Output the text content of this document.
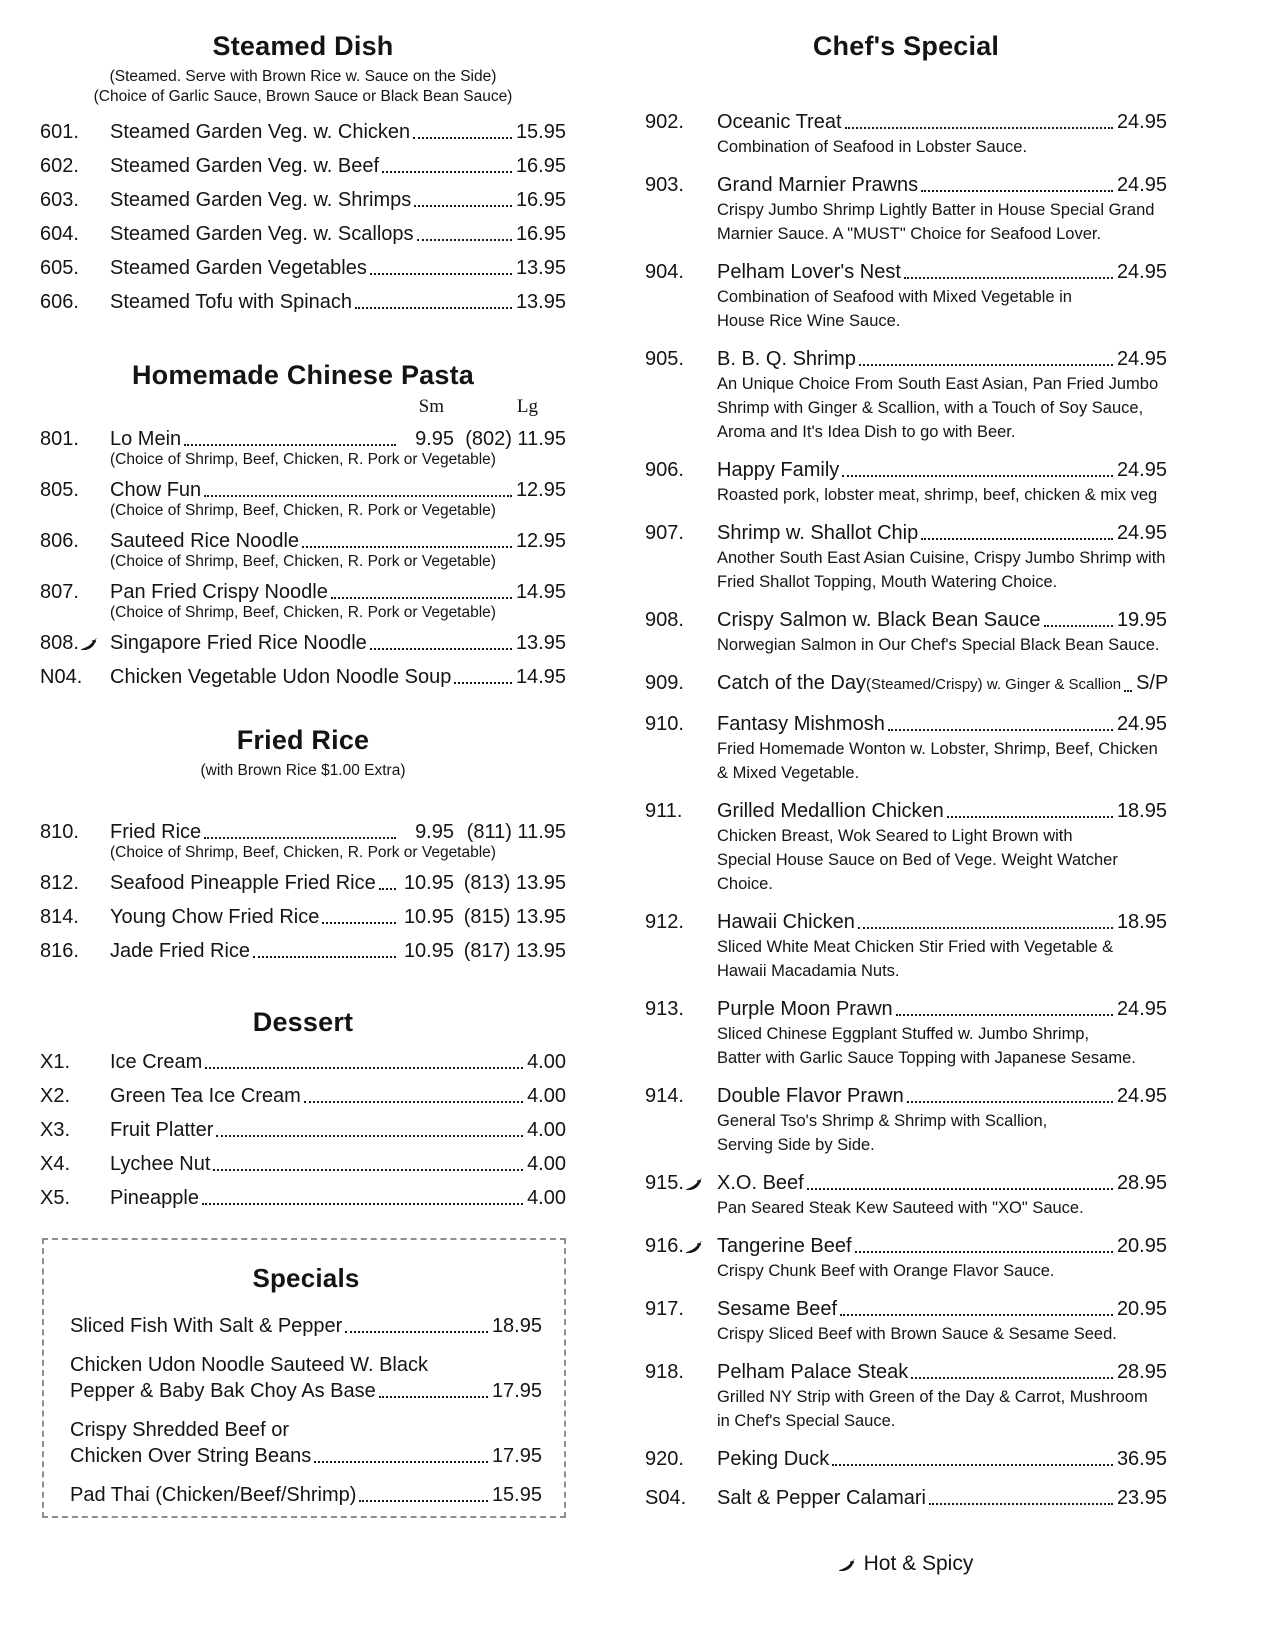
Steamed Dish
(Steamed. Serve with Brown Rice w. Sauce on the Side)
(Choice of Garlic Sauce, Brown Sauce or Black Bean Sauce)
601.	Steamed Garden Veg. w. Chicken	15.95
602.	Steamed Garden Veg. w. Beef	16.95
603.	Steamed Garden Veg. w. Shrimps	16.95
604.	Steamed Garden Veg. w. Scallops	16.95
605.	Steamed Garden Vegetables	13.95
606.	Steamed Tofu with Spinach	13.95
Homemade Chinese Pasta
Sm	Lg
801.	Lo Mein	9.95 (802) 11.95
(Choice of Shrimp, Beef, Chicken, R. Pork or Vegetable)
805.	Chow Fun	12.95
(Choice of Shrimp, Beef, Chicken, R. Pork or Vegetable)
806.	Sauteed Rice Noodle	12.95
(Choice of Shrimp, Beef, Chicken, R. Pork or Vegetable)
807.	Pan Fried Crispy Noodle	14.95
(Choice of Shrimp, Beef, Chicken, R. Pork or Vegetable)
808.	Singapore Fried Rice Noodle	13.95
N04.	Chicken Vegetable Udon Noodle Soup	14.95
Fried Rice
(with Brown Rice $1.00 Extra)
810.	Fried Rice	9.95 (811) 11.95
(Choice of Shrimp, Beef, Chicken, R. Pork or Vegetable)
812.	Seafood Pineapple Fried Rice 10.95 (813) 13.95
814.	Young Chow Fried Rice	10.95 (815) 13.95
816.	Jade Fried Rice	10.95 (817) 13.95
Dessert
X1.	Ice Cream	4.00
X2.	Green Tea Ice Cream	4.00
X3.	Fruit Platter	4.00
X4.	Lychee Nut	4.00
X5.	Pineapple	4.00
Chef's Special
902.	Oceanic Treat	24.95
Combination of Seafood in Lobster Sauce.
903.	Grand Marnier Prawns	24.95
Crispy Jumbo Shrimp Lightly Batter in House Special Grand
Marnier Sauce. A "MUST" Choice for Seafood Lover.
904.	Pelham Lover's Nest	24.95
Combination of Seafood with Mixed Vegetable in
House Rice Wine Sauce.
905.	B. B. Q. Shrimp	24.95
An Unique Choice From South East Asian, Pan Fried Jumbo
Shrimp with Ginger & Scallion, with a Touch of Soy Sauce,
Aroma and It's Idea Dish to go with Beer.
906.	Happy Family	24.95
Roasted pork, lobster meat, shrimp, beef, chicken & mix veg
907.	Shrimp w. Shallot Chip	24.95
Another South East Asian Cuisine, Crispy Jumbo Shrimp with
Fried Shallot Topping, Mouth Watering Choice.
908.	Crispy Salmon w. Black Bean Sauce	19.95
Norwegian Salmon in Our Chef's Special Black Bean Sauce.
909.	Catch of the Day (Steamed/Crispy) w. Ginger & Scallion S/P
910.	Fantasy Mishmosh	24.95
Fried Homemade Wonton w. Lobster, Shrimp, Beef, Chicken
& Mixed Vegetable.
911.	Grilled Medallion Chicken	18.95
Chicken Breast, Wok Seared to Light Brown with
Special House Sauce on Bed of Vege. Weight Watcher Choice.
912.	Hawaii Chicken	18.95
Sliced White Meat Chicken Stir Fried with Vegetable &
Hawaii Macadamia Nuts.
913.	Purple Moon Prawn	24.95
Sliced Chinese Eggplant Stuffed w. Jumbo Shrimp,
Batter with Garlic Sauce Topping with Japanese Sesame.
914.	Double Flavor Prawn	24.95
General Tso's Shrimp & Shrimp with Scallion,
Serving Side by Side.
915.	X.O. Beef	28.95
Pan Seared Steak Kew Sauteed with "XO" Sauce.
916.	Tangerine Beef	20.95
Crispy Chunk Beef with Orange Flavor Sauce.
917.	Sesame Beef	20.95
Crispy Sliced Beef with Brown Sauce & Sesame Seed.
918.	Pelham Palace Steak	28.95
Grilled NY Strip with Green of the Day & Carrot, Mushroom
in Chef's Special Sauce.
920.	Peking Duck	36.95
S04.	Salt & Pepper Calamari	23.95
Specials
Sliced Fish With Salt & Pepper	18.95
Chicken Udon Noodle Sauteed W. Black
Pepper & Baby Bak Choy As Base	17.95
Crispy Shredded Beef or
Chicken Over String Beans	17.95
Pad Thai (Chicken/Beef/Shrimp)	15.95
Hot & Spicy
